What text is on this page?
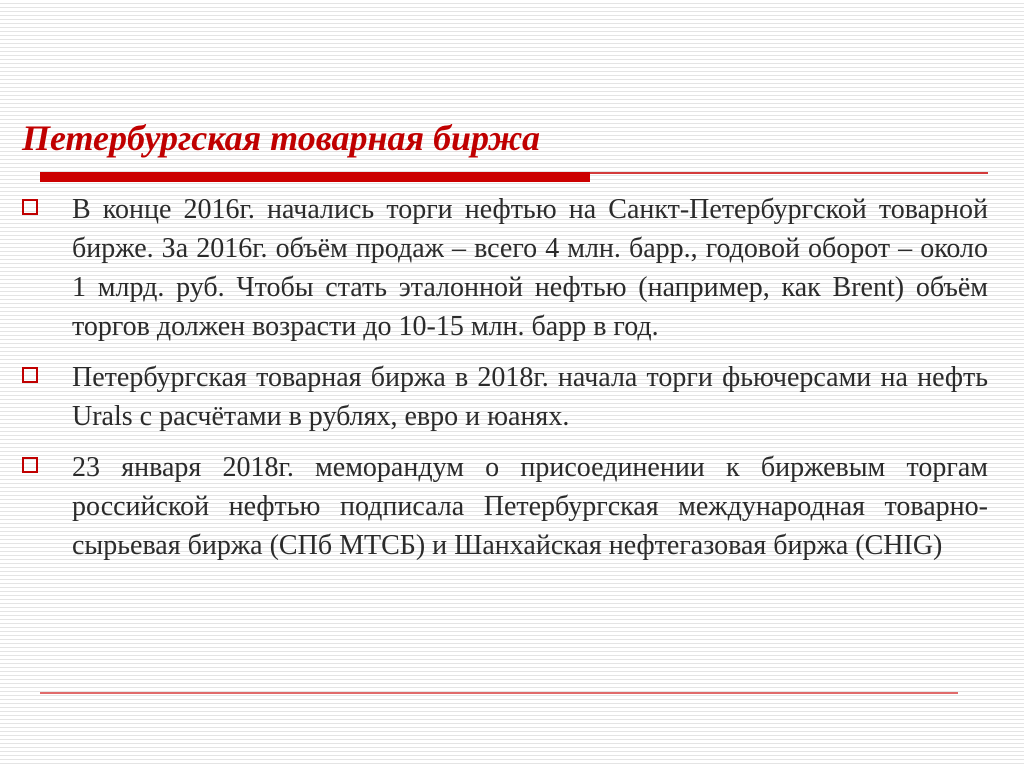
Петербургская товарная биржа
В конце 2016г. начались торги нефтью на Санкт-Петербургской товарной бирже. За 2016г. объём продаж – всего 4 млн. барр., годовой оборот – около 1 млрд. руб. Чтобы стать эталонной нефтью (например, как Brent) объём торгов должен возрасти до 10-15 млн. барр в год.
Петербургская товарная биржа в 2018г. начала торги фьючерсами на нефть Urals с расчётами в рублях, евро и юанях.
23 января 2018г. меморандум о присоединении к биржевым торгам российской нефтью подписала Петербургская международная товарно-сырьевая биржа (СПб МТСБ) и Шанхайская нефтегазовая биржа (CHIG)
